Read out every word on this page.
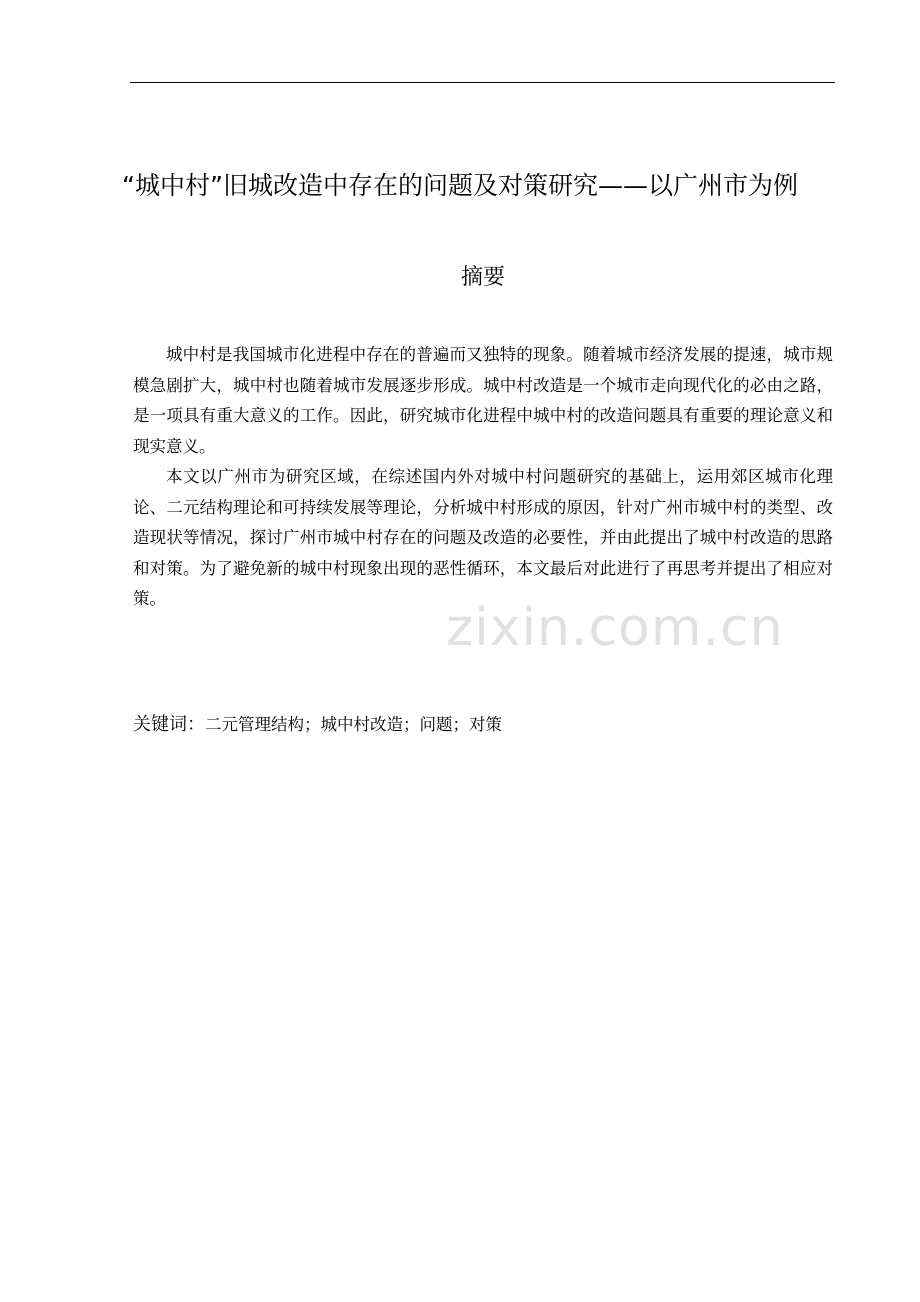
“城中村”旧城改造中存在的问题及对策研究——以广州市为例
摘要

城中村是我国城市化进程中存在的普遍而又独特的现象。随着城市经济发展的提速，城市规模急剧扩大，城中村也随着城市发展逐步形成。城中村改造是一个城市走向现代化的必由之路，是一项具有重大意义的工作。因此，研究城市化进程中城中村的改造问题具有重要的理论意义和现实意义。

本文以广州市为研究区域，在综述国内外对城中村问题研究的基础上，运用郊区城市化理论、二元结构理论和可持续发展等理论，分析城中村形成的原因，针对广州市城中村的类型、改造现状等情况，探讨广州市城中村存在的问题及改造的必要性，并由此提出了城中村改造的思路和对策。为了避免新的城中村现象出现的恶性循环，本文最后对此进行了再思考并提出了相应对策。

关键词：二元管理结构；城中村改造；问题；对策
zixin.com.cn
